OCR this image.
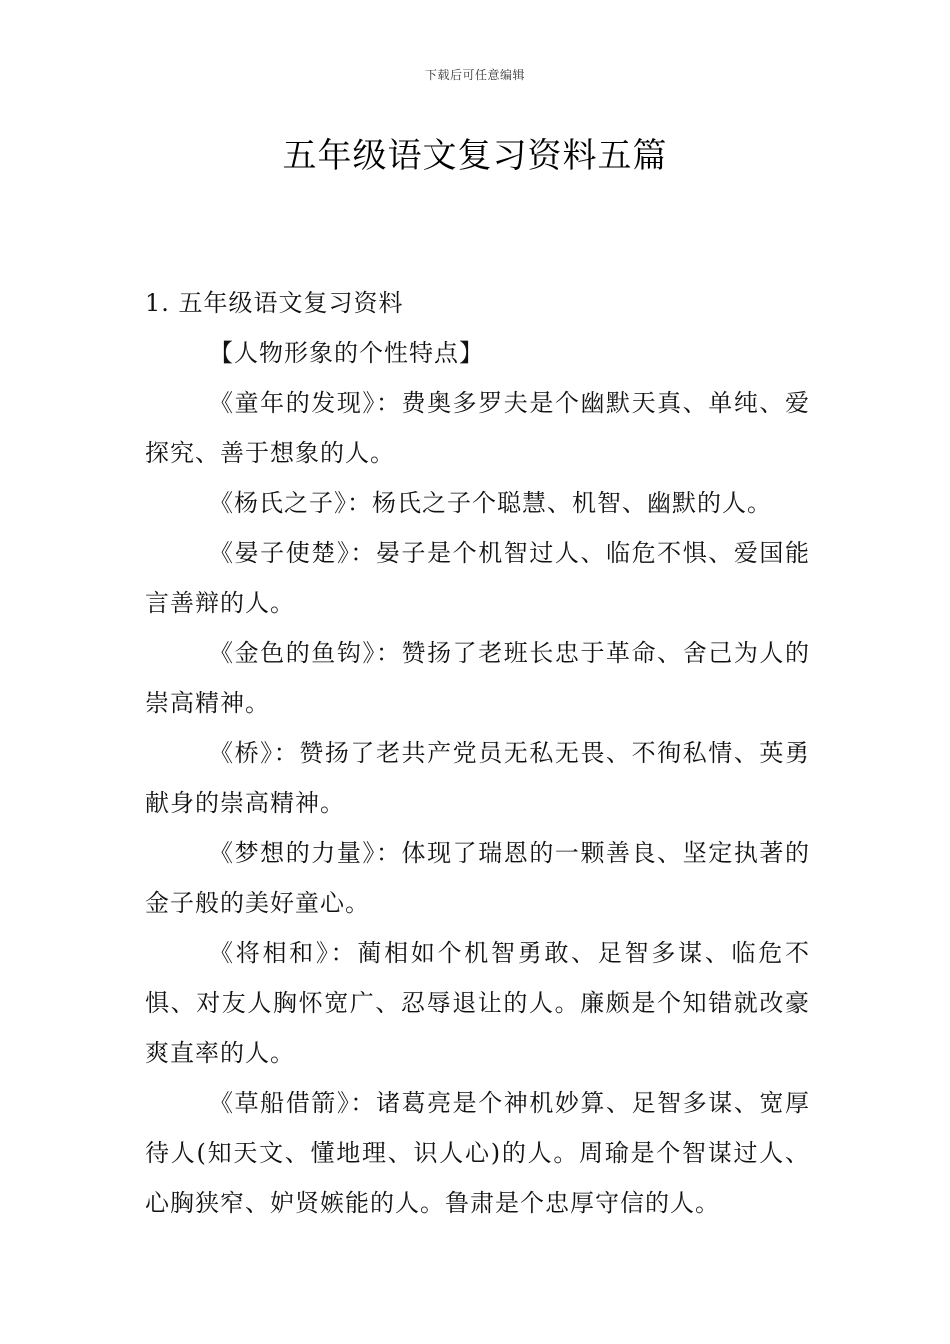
下载后可任意编辑
五年级语文复习资料五篇

1. 五年级语文复习资料

【人物形象的个性特点】

《童年的发现》：费奥多罗夫是个幽默天真、单纯、爱探究、善于想象的人。

《杨氏之子》：杨氏之子个聪慧、机智、幽默的人。

《晏子使楚》：晏子是个机智过人、临危不惧、爱国能言善辩的人。

《金色的鱼钩》：赞扬了老班长忠于革命、舍己为人的崇高精神。

《桥》：赞扬了老共产党员无私无畏、不徇私情、英勇献身的崇高精神。

《梦想的力量》：体现了瑞恩的一颗善良、坚定执著的金子般的美好童心。

《将相和》：蔺相如个机智勇敢、足智多谋、临危不惧、对友人胸怀宽广、忍辱退让的人。廉颇是个知错就改豪爽直率的人。

《草船借箭》：诸葛亮是个神机妙算、足智多谋、宽厚待人(知天文、懂地理、识人心)的人。周瑜是个智谋过人、心胸狭窄、妒贤嫉能的人。鲁肃是个忠厚守信的人。
